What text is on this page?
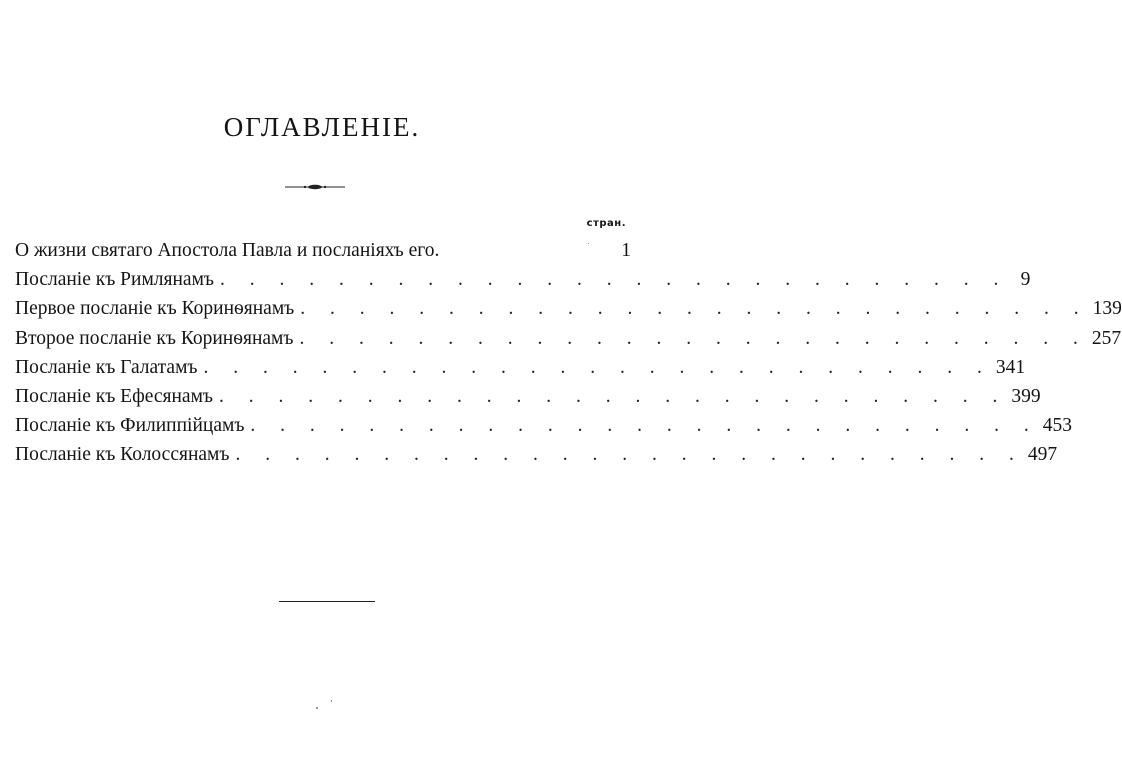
ОГЛАВЛЕНІЕ.
стран.
О жизни святаго Апостола Павла и посланіяхъ его.	1
Посланіе къ Римлянамъ . . . . . . . . . . . . . . . . . . . . . . . . . . . 9
Первое посланіе къ Коринѳянамъ . . . . . . . . . . . . . . . . . . . . . . . . . . . 139
Второе посланіе къ Коринѳянамъ . . . . . . . . . . . . . . . . . . . . . . . . . . . 257
Посланіе къ Галатамъ . . . . . . . . . . . . . . . . . . . . . . . . . . . 341
Посланіе къ Ефесянамъ . . . . . . . . . . . . . . . . . . . . . . . . . . . 399
Посланіе къ Филиппійцамъ . . . . . . . . . . . . . . . . . . . . . . . . . . . 453
Посланіе къ Колоссянамъ . . . . . . . . . . . . . . . . . . . . . . . . . . . 497
